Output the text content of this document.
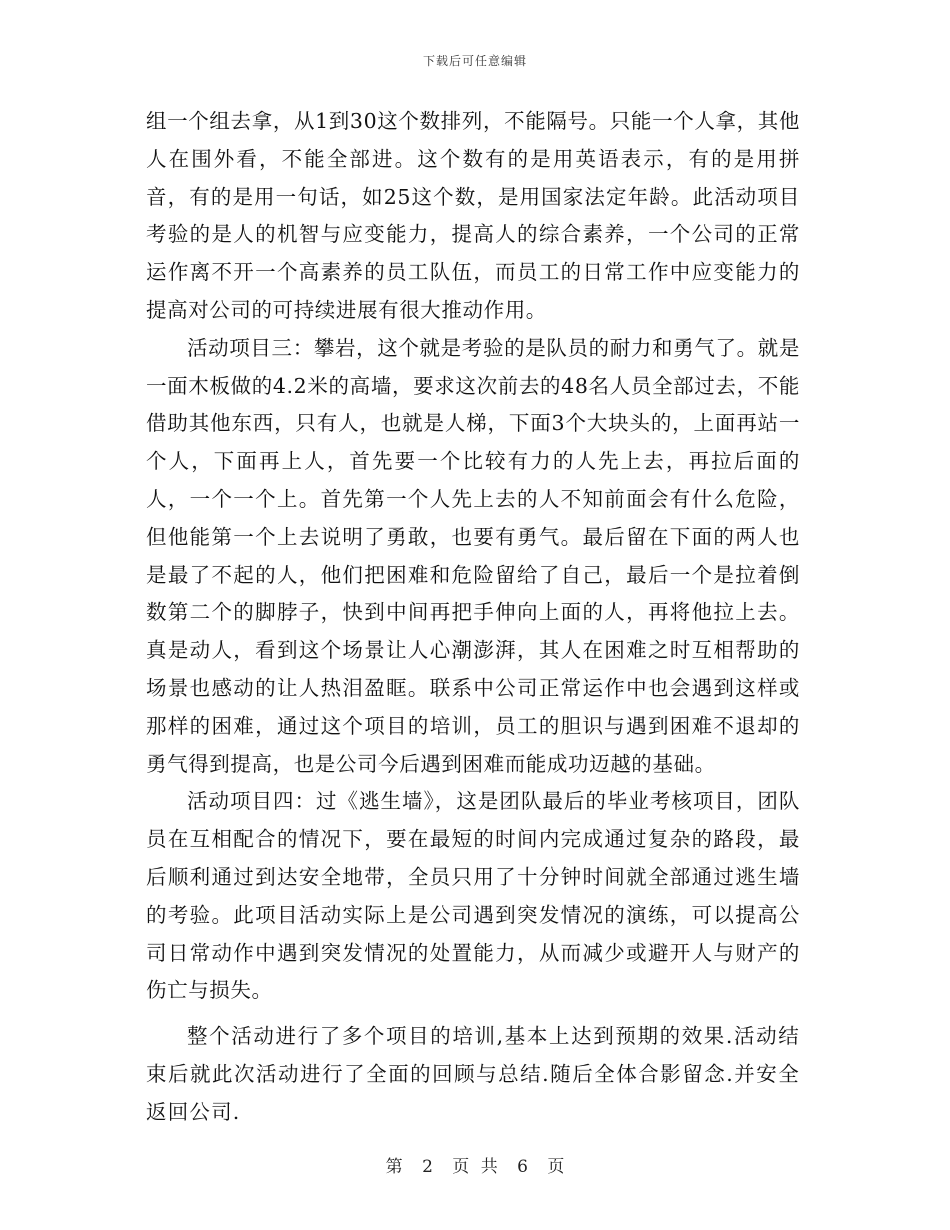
下载后可任意编辑

组一个组去拿，从1到30这个数排列，不能隔号。只能一个人拿，其他人在围外看，不能全部进。这个数有的是用英语表示，有的是用拼音，有的是用一句话，如25这个数，是用国家法定年龄。此活动项目考验的是人的机智与应变能力，提高人的综合素养，一个公司的正常运作离不开一个高素养的员工队伍，而员工的日常工作中应变能力的提高对公司的可持续进展有很大推动作用。

活动项目三：攀岩，这个就是考验的是队员的耐力和勇气了。就是一面木板做的4.2米的高墙，要求这次前去的48名人员全部过去，不能借助其他东西，只有人，也就是人梯，下面3个大块头的，上面再站一个人，下面再上人，首先要一个比较有力的人先上去，再拉后面的人，一个一个上。首先第一个人先上去的人不知前面会有什么危险，但他能第一个上去说明了勇敢，也要有勇气。最后留在下面的两人也是最了不起的人，他们把困难和危险留给了自己，最后一个是拉着倒数第二个的脚脖子，快到中间再把手伸向上面的人，再将他拉上去。真是动人，看到这个场景让人心潮澎湃，其人在困难之时互相帮助的场景也感动的让人热泪盈眶。联系中公司正常运作中也会遇到这样或那样的困难，通过这个项目的培训，员工的胆识与遇到困难不退却的勇气得到提高，也是公司今后遇到困难而能成功迈越的基础。

活动项目四：过《逃生墙》，这是团队最后的毕业考核项目，团队员在互相配合的情况下，要在最短的时间内完成通过复杂的路段，最后顺利通过到达安全地带，全员只用了十分钟时间就全部通过逃生墙的考验。此项目活动实际上是公司遇到突发情况的演练，可以提高公司日常动作中遇到突发情况的处置能力，从而减少或避开人与财产的伤亡与损失。

整个活动进行了多个项目的培训,基本上达到预期的效果.活动结束后就此次活动进行了全面的回顾与总结.随后全体合影留念.并安全返回公司.

第 2 页 共 6 页
